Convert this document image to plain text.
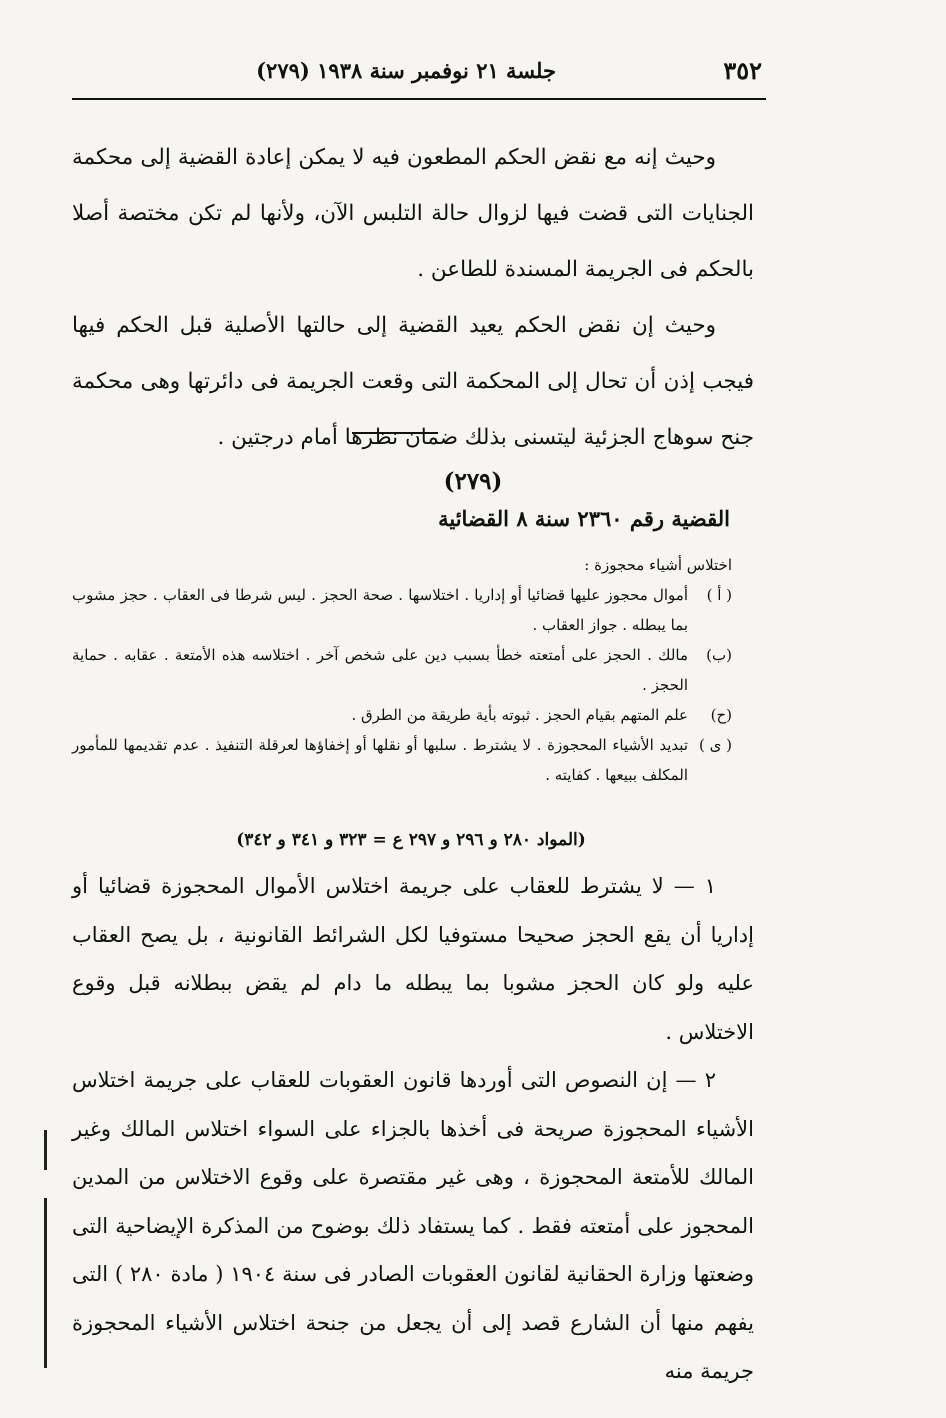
٣٥٢
جلسة ٢١ نوفمبر سنة ١٩٣٨ (٢٧٩)

وحيث إنه مع نقض الحكم المطعون فيه لا يمكن إعادة القضية إلى محكمة الجنايات التى قضت فيها لزوال حالة التلبس الآن، ولأنها لم تكن مختصة أصلا بالحكم فى الجريمة المسندة للطاعن .

وحيث إن نقض الحكم يعيد القضية إلى حالتها الأصلية قبل الحكم فيها فيجب إذن أن تحال إلى المحكمة التى وقعت الجريمة فى دائرتها وهى محكمة جنح سوهاج الجزئية ليتسنى بذلك ضمان نظرها أمام درجتين .

(٢٧٩)
القضية رقم ٢٣٦٠ سنة ٨ القضائية

اختلاس أشياء محجوزة :

( أ )
أموال محجوز عليها قضائيا أو إداريا . اختلاسها . صحة الحجز . ليس شرطا فى العقاب . حجز مشوب بما يبطله . جواز العقاب .
(ب)
مالك . الحجز على أمتعته خطأ بسبب دين على شخص آخر . اختلاسه هذه الأمتعة . عقابه . حماية الحجز .
(ح)
علم المتهم بقيام الحجز . ثبوته بأية طريقة من الطرق .
( ى )
تبديد الأشياء المحجوزة . لا يشترط . سلبها أو نقلها أو إخفاؤها لعرقلة التنفيذ . عدم تقديمها للمأمور المكلف ببيعها . كفايته .
(المواد ٢٨٠ و ٢٩٦ و ٢٩٧ ع = ٣٢٣ و ٣٤١ و ٣٤٢)

١ — لا يشترط للعقاب على جريمة اختلاس الأموال المحجوزة قضائيا أو إداريا أن يقع الحجز صحيحا مستوفيا لكل الشرائط القانونية ، بل يصح العقاب عليه ولو كان الحجز مشوبا بما يبطله ما دام لم يقض ببطلانه قبل وقوع الاختلاس .

٢ — إن النصوص التى أوردها قانون العقوبات للعقاب على جريمة اختلاس الأشياء المحجوزة صريحة فى أخذها بالجزاء على السواء اختلاس المالك وغير المالك للأمتعة المحجوزة ، وهى غير مقتصرة على وقوع الاختلاس من المدين المحجوز على أمتعته فقط . كما يستفاد ذلك بوضوح من المذكرة الإيضاحية التى وضعتها وزارة الحقانية لقانون العقوبات الصادر فى سنة ١٩٠٤ ( مادة ٢٨٠ ) التى يفهم منها أن الشارع قصد إلى أن يجعل من جنحة اختلاس الأشياء المحجوزة جريمة منه
